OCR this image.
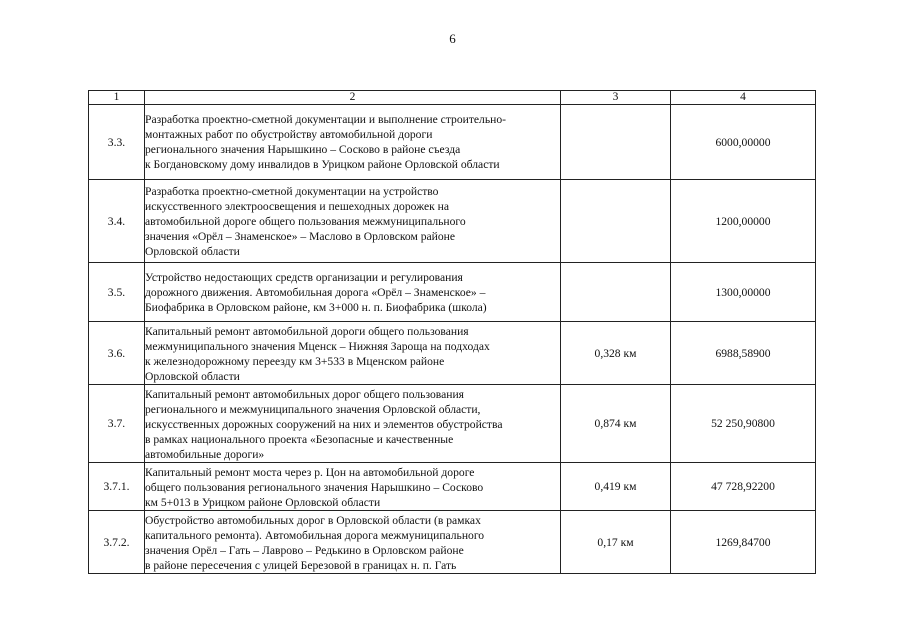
6
1	2	3	4
3.3.	Разработка проектно-сметной документации и выполнение строительно-
монтажных работ по обустройству автомобильной дороги
регионального значения Нарышкино – Сосково в районе съезда
к Богдановскому дому инвалидов в Урицком районе Орловской области		6000,00000
3.4.	Разработка проектно-сметной документации на устройство
искусственного электроосвещения и пешеходных дорожек на
автомобильной дороге общего пользования межмуниципального
значения «Орёл – Знаменское» – Маслово в Орловском районе
Орловской области		1200,00000
3.5.	Устройство недостающих средств организации и регулирования
дорожного движения. Автомобильная дорога «Орёл – Знаменское» –
Биофабрика в Орловском районе, км 3+000 н. п. Биофабрика (школа)		1300,00000
3.6.	Капитальный ремонт автомобильной дороги общего пользования
межмуниципального значения Мценск – Нижняя Зароща на подходах
к железнодорожному переезду км 3+533 в Мценском районе
Орловской области	0,328 км	6988,58900
3.7.	Капитальный ремонт автомобильных дорог общего пользования
регионального и межмуниципального значения Орловской области,
искусственных дорожных сооружений на них и элементов обустройства
в рамках национального проекта «Безопасные и качественные
автомобильные дороги»	0,874 км	52 250,90800
3.7.1.	Капитальный ремонт моста через р. Цон на автомобильной дороге
общего пользования регионального значения Нарышкино – Сосково
км 5+013 в Урицком районе Орловской области	0,419 км	47 728,92200
3.7.2.	Обустройство автомобильных дорог в Орловской области (в рамках
капитального ремонта). Автомобильная дорога межмуниципального
значения Орёл – Гать – Лаврово – Редькино в Орловском районе
в районе пересечения с улицей Березовой в границах н. п. Гать	0,17 км	1269,84700
